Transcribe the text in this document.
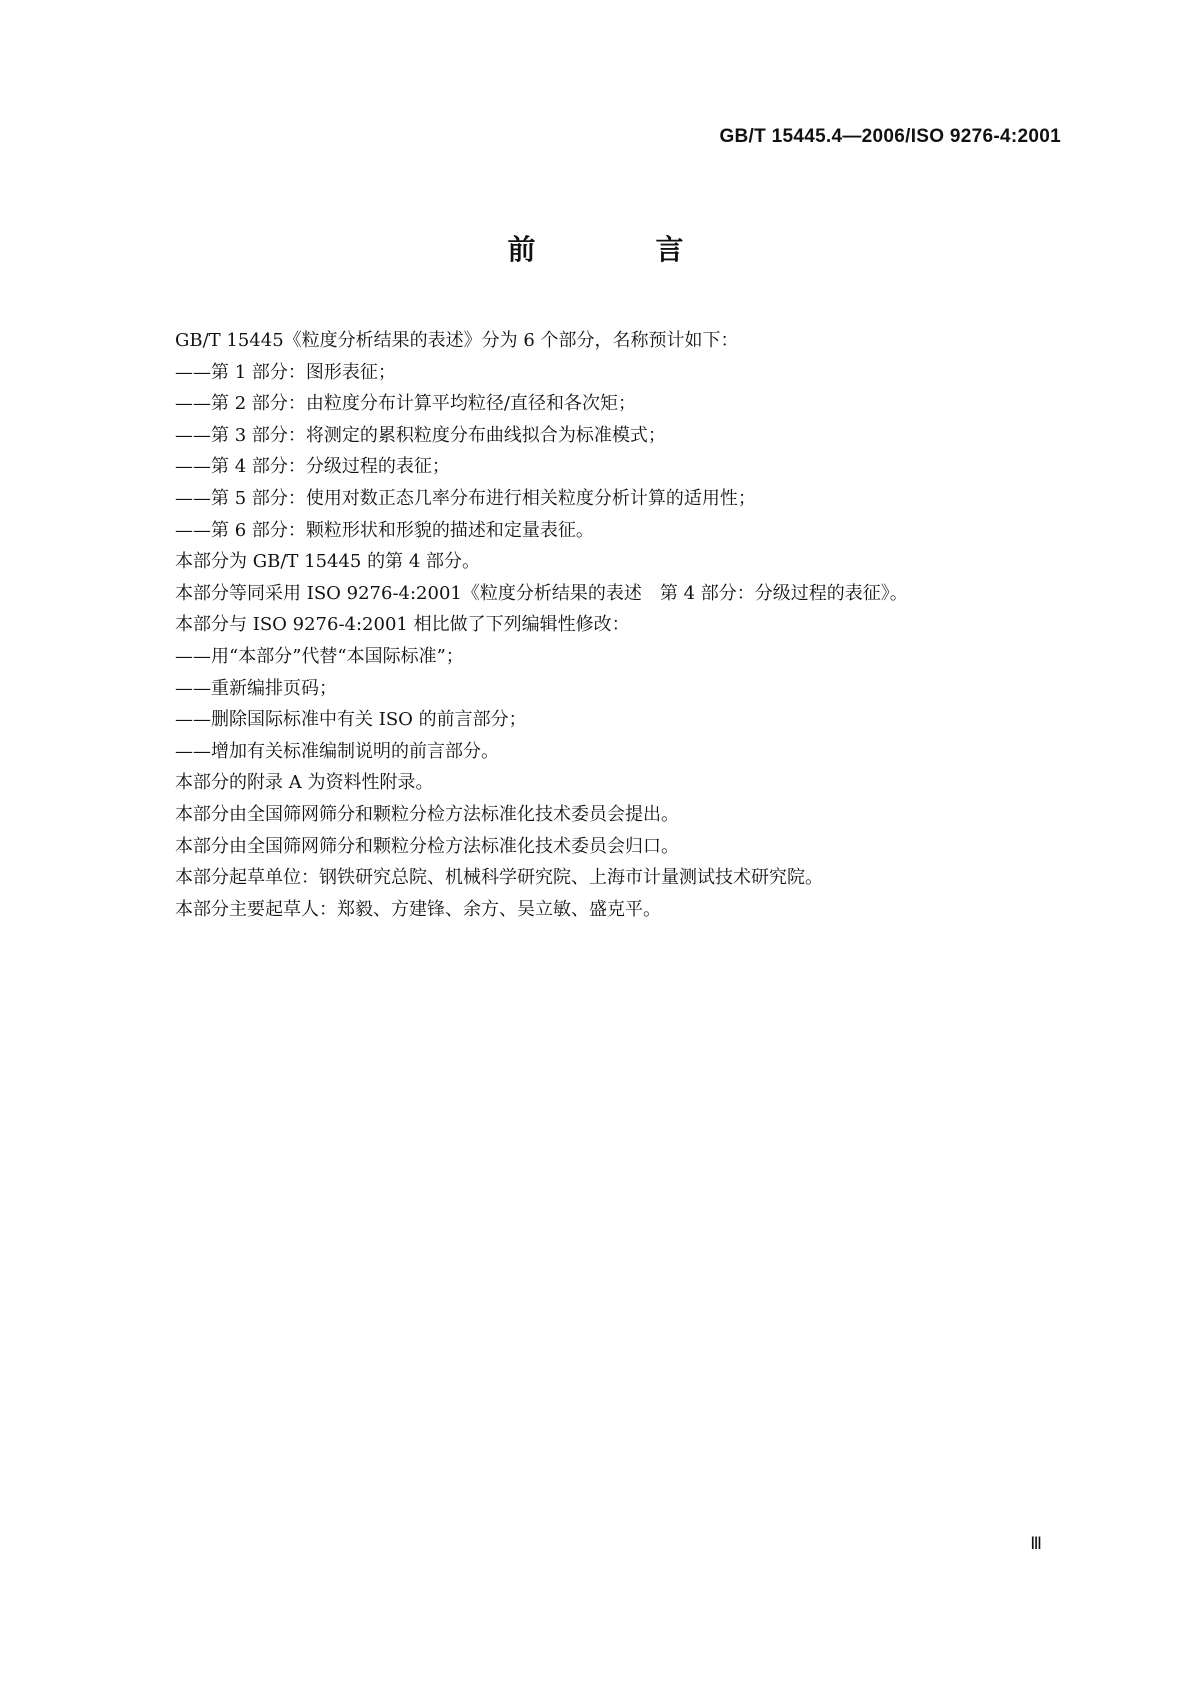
GB/T 15445.4—2006/ISO 9276-4:2001
前　言
GB/T 15445《粒度分析结果的表述》分为 6 个部分，名称预计如下：
——第 1 部分：图形表征；
——第 2 部分：由粒度分布计算平均粒径/直径和各次矩；
——第 3 部分：将测定的累积粒度分布曲线拟合为标准模式；
——第 4 部分：分级过程的表征；
——第 5 部分：使用对数正态几率分布进行相关粒度分析计算的适用性；
——第 6 部分：颗粒形状和形貌的描述和定量表征。
本部分为 GB/T 15445 的第 4 部分。
本部分等同采用 ISO 9276-4:2001《粒度分析结果的表述　第 4 部分：分级过程的表征》。
本部分与 ISO 9276-4:2001 相比做了下列编辑性修改：
——用“本部分”代替“本国际标准”；
——重新编排页码；
——删除国际标准中有关 ISO 的前言部分；
——增加有关标准编制说明的前言部分。
本部分的附录 A 为资料性附录。
本部分由全国筛网筛分和颗粒分检方法标准化技术委员会提出。
本部分由全国筛网筛分和颗粒分检方法标准化技术委员会归口。
本部分起草单位：钢铁研究总院、机械科学研究院、上海市计量测试技术研究院。
本部分主要起草人：郑毅、方建锋、余方、吴立敏、盛克平。
Ⅲ
